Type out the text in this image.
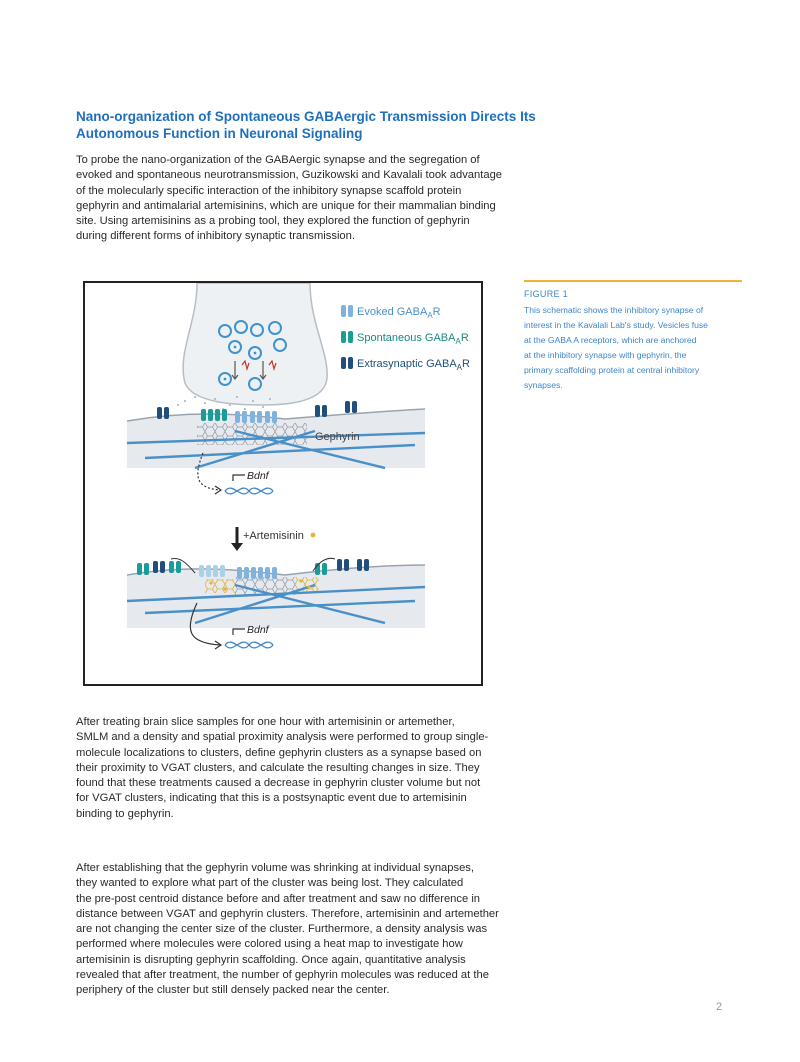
Nano-organization of Spontaneous GABAergic Transmission Directs Its
Autonomous Function in Neuronal Signaling
To probe the nano-organization of the GABAergic synapse and the segregation of
evoked and spontaneous neurotransmission, Guzikowski and Kavalali took advantage
of the molecularly specific interaction of the inhibitory synapse scaffold protein
gephyrin and antimalarial artemisinins, which are unique for their mammalian binding
site. Using artemisinins as a probing tool, they explored the function of gephyrin
during different forms of inhibitory synaptic transmission.
Gephyrin
Bdnf
+Artemisinin
Bdnf
Evoked $GABA_AR$
Spontaneous $GABA_AR$
Extrasynaptic $GABA_AR$
FIGURE 1
This schematic shows the inhibitory synapse of
interest in the Kavalali Lab's study. Vesicles fuse
at the GABA A receptors, which are anchored
at the inhibitory synapse with gephyrin, the
primary scaffolding protein at central inhibitory
synapses.
After treating brain slice samples for one hour with artemisinin or artemether,
SMLM and a density and spatial proximity analysis were performed to group single-
molecule localizations to clusters, define gephyrin clusters as a synapse based on
their proximity to VGAT clusters, and calculate the resulting changes in size. They
found that these treatments caused a decrease in gephyrin cluster volume but not
for VGAT clusters, indicating that this is a postsynaptic event due to artemisinin
binding to gephyrin.
After establishing that the gephyrin volume was shrinking at individual synapses,
they wanted to explore what part of the cluster was being lost. They calculated
the pre-post centroid distance before and after treatment and saw no difference in
distance between VGAT and gephyrin clusters. Therefore, artemisinin and artemether
are not changing the center size of the cluster. Furthermore, a density analysis was
performed where molecules were colored using a heat map to investigate how
artemisinin is disrupting gephyrin scaffolding. Once again, quantitative analysis
revealed that after treatment, the number of gephyrin molecules was reduced at the
periphery of the cluster but still densely packed near the center.
2
